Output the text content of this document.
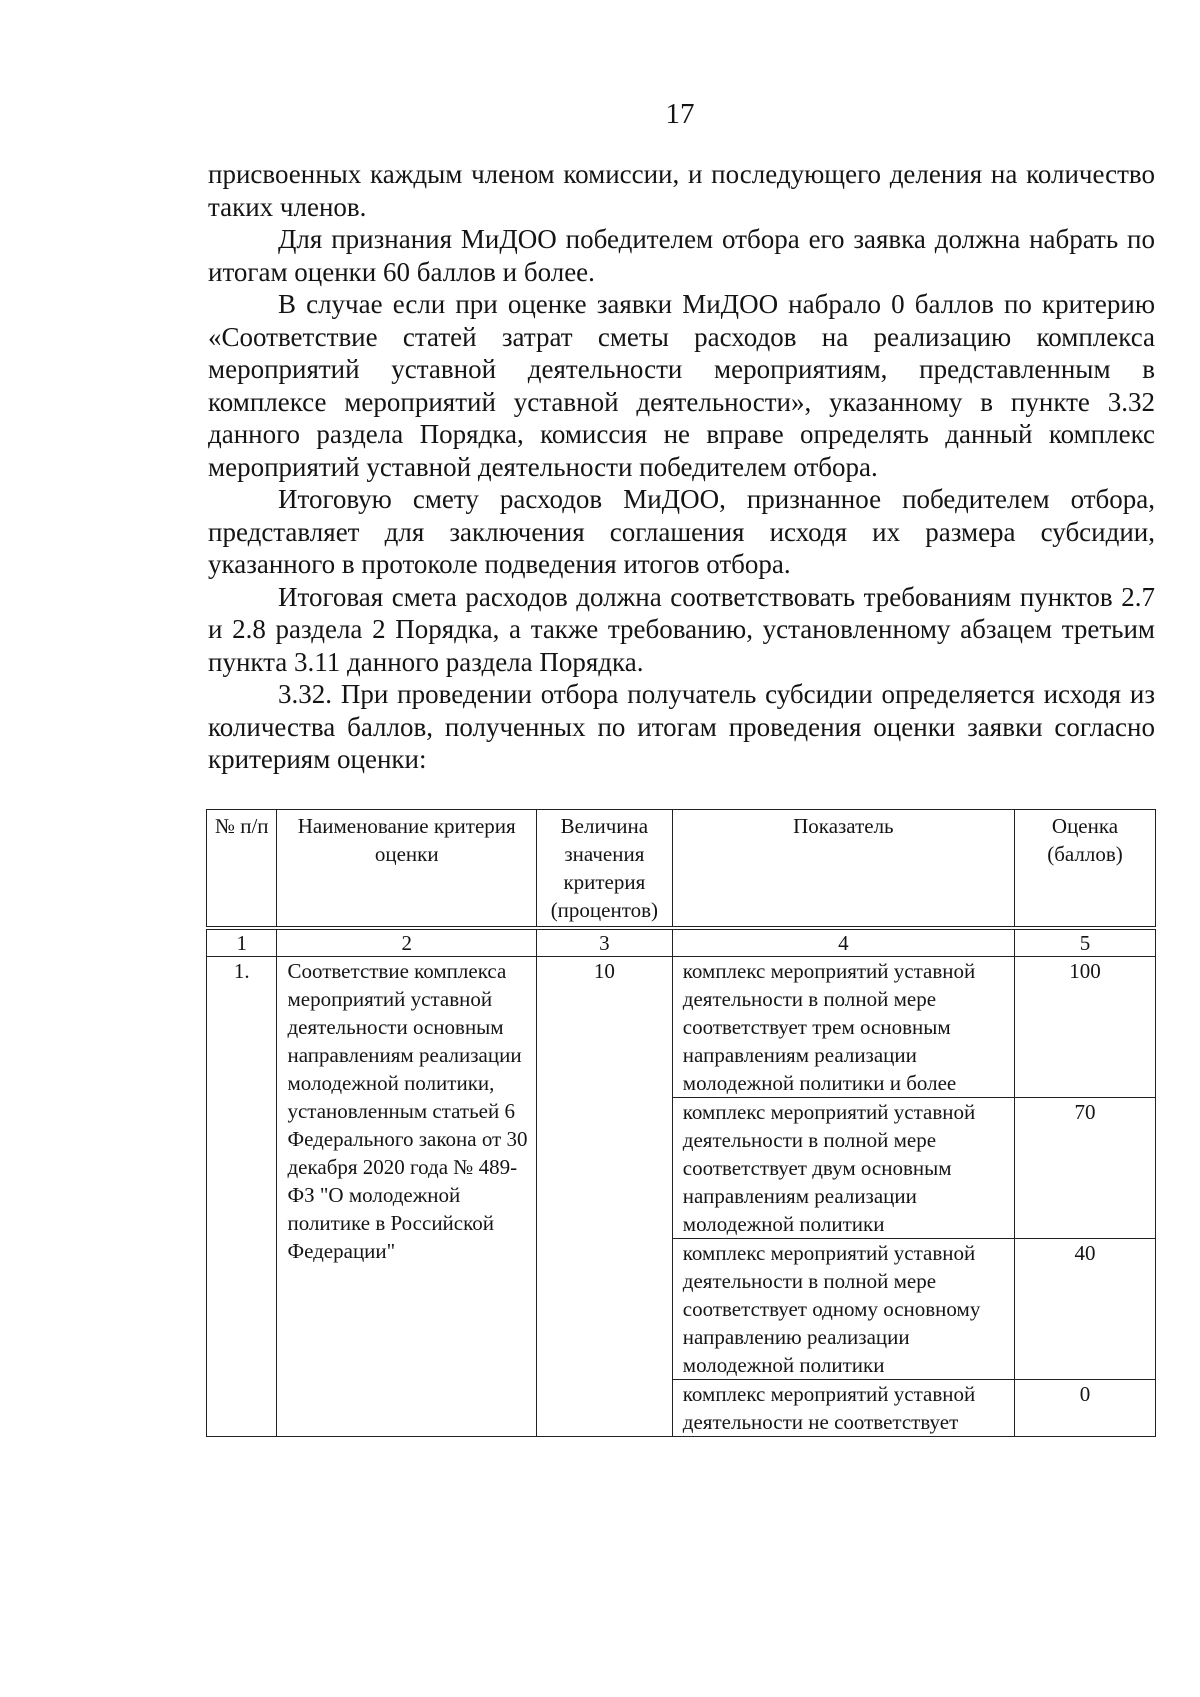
17

присвоенных каждым членом комиссии, и последующего деления на количество таких членов.

Для признания МиДОО победителем отбора его заявка должна набрать по итогам оценки 60 баллов и более.

В случае если при оценке заявки МиДОО набрало 0 баллов по критерию «Соответствие статей затрат сметы расходов на реализацию комплекса мероприятий уставной деятельности мероприятиям, представленным в комплексе мероприятий уставной деятельности», указанному в пункте 3.32 данного раздела Порядка, комиссия не вправе определять данный комплекс мероприятий уставной деятельности победителем отбора.

Итоговую смету расходов МиДОО, признанное победителем отбора, представляет для заключения соглашения исходя их размера субсидии, указанного в протоколе подведения итогов отбора.

Итоговая смета расходов должна соответствовать требованиям пунктов 2.7 и 2.8 раздела 2 Порядка, а также требованию, установленному абзацем третьим пункта 3.11 данного раздела Порядка.

3.32. При проведении отбора получатель субсидии определяется исходя из количества баллов, полученных по итогам проведения оценки заявки согласно критериям оценки:

№ п/п	Наименование критерия оценки	Величина значения критерия (процентов)	Показатель	Оценка (баллов)
1	2	3	4	5
1.	Соответствие комплекса мероприятий уставной деятельности основным направлениям реализации молодежной политики, установленным статьей 6 Федерального закона от 30 декабря 2020 года № 489-ФЗ "О молодежной политике в Российской Федерации"	10	комплекс мероприятий уставной деятельности в полной мере соответствует трем основным направлениям реализации молодежной политики и более	100
			комплекс мероприятий уставной деятельности в полной мере соответствует двум основным направлениям реализации молодежной политики	70
			комплекс мероприятий уставной деятельности в полной мере соответствует одному основному направлению реализации молодежной политики	40
			комплекс мероприятий уставной деятельности не соответствует	0
